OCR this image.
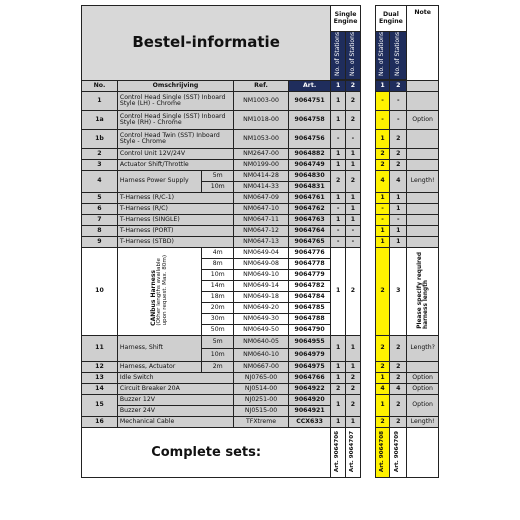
Bestel-informatie					Single Engine			Dual Engine		Note
					No. of Stations	No. of Stations		No. of Stations	No. of Stations	

No.	Omschrijving		Ref.	Art.	1	2		1	2	
1	Control Head Single (SST) Inboard Style (LH) - Chrome		NM1003-00	9064751	1	2		-	-	
1a	Control Head Single (SST) Inboard Style (RH) - Chrome		NM1018-00	9064758	1	2		-	-	Option
1b	Control Head Twin (SST) Inboard Style - Chrome		NM1053-00	9064756	-	-		1	2	
2	Control Unit 12V/24V		NM2647-00	9064882	1	1		2	2	
3	Actuator Shift/Throttle		NM0199-00	9064749	1	1		2	2	
4	Harness Power Supply	5m	NM0414-28	9064830	2	2		4	4	Length!
		10m	NM0414-33	9064831						
5	T-Harness (R/C-1)		NM0647-09	9064761	1	1		1	1	
6	T-Harness (R/C)		NM0647-10	9064762	-	1		-	1	
7	T-Harness (SINGLE)		NM0647-11	9064763	1	1		-	-	
8	T-Harness (PORT)		NM0647-12	9064764	-	-		1	1	
9	T-Harness (STBD)		NM0647-13	9064765	-	-		1	1	
10	CANbus Harness(Other lengths availableupon request. Max. 80m)	4m	NM0649-04	9064776	1	2		2	3	Please specify requiredharness length
		8m	NM0649-08	9064778						
		10m	NM0649-10	9064779						
		14m	NM0649-14	9064782						
		18m	NM0649-18	9064784						
		20m	NM0649-20	9064785						
		30m	NM0649-30	9064788						
		50m	NM0649-50	9064790						
11	Harness, Shift	5m	NM0640-05	9064955	1	1		2	2	Length?
		10m	NM0640-10	9064979						
12	Harness, Actuator	2m	NM0667-00	9064975	1	1		2	2	
13	Idle Switch		NJ0765-00	9064766	1	2		1	2	Option
14	Circuit Breaker 20A		NJ0514-00	9064922	2	2		4	4	Option
15	Buzzer 12V		NJ0251-00	9064920	1	2		1	2	Option
	Buzzer 24V		NJ0515-00	9064921						
16	Mechanical Cable		TFXtreme	CCX633	1	1		2	2	Length!
Complete sets:					Art. 9064706	Art. 9064707		Art. 9064708	Art. 9064709	
